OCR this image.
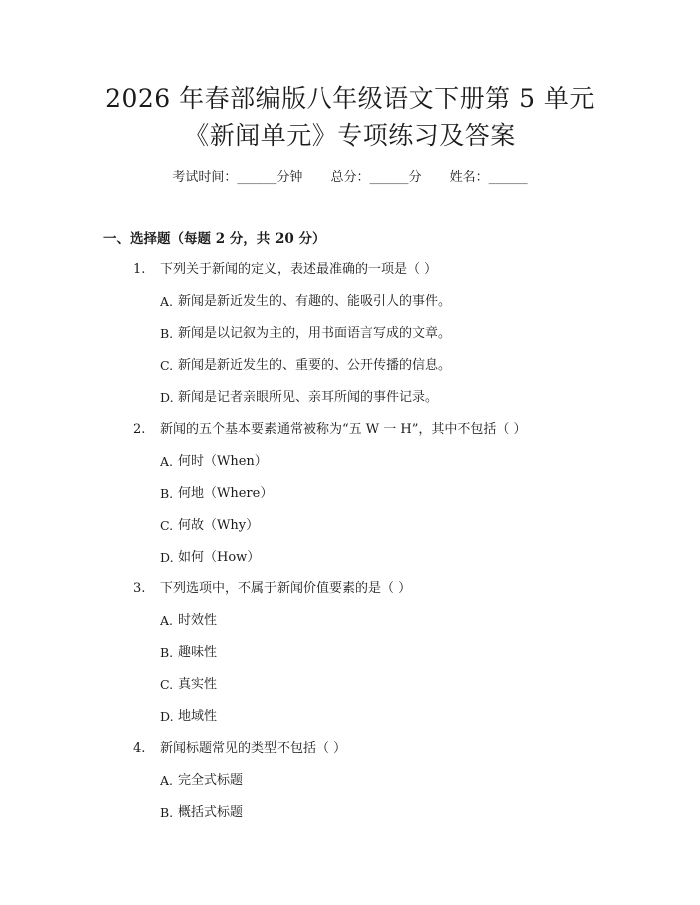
2026 年春部编版八年级语文下册第 5 单元
《新闻单元》专项练习及答案
考试时间：______分钟 总分：______分 姓名：______
一、选择题（每题 2 分，共 20 分）
1. 下列关于新闻的定义，表述最准确的一项是（ ）
A. 新闻是新近发生的、有趣的、能吸引人的事件。
B. 新闻是以记叙为主的，用书面语言写成的文章。
C. 新闻是新近发生的、重要的、公开传播的信息。
D. 新闻是记者亲眼所见、亲耳所闻的事件记录。
2. 新闻的五个基本要素通常被称为“五 W 一 H”，其中不包括（ ）
A. 何时（When）
B. 何地（Where）
C. 何故（Why）
D. 如何（How）
3. 下列选项中，不属于新闻价值要素的是（ ）
A. 时效性
B. 趣味性
C. 真实性
D. 地域性
4. 新闻标题常见的类型不包括（ ）
A. 完全式标题
B. 概括式标题
